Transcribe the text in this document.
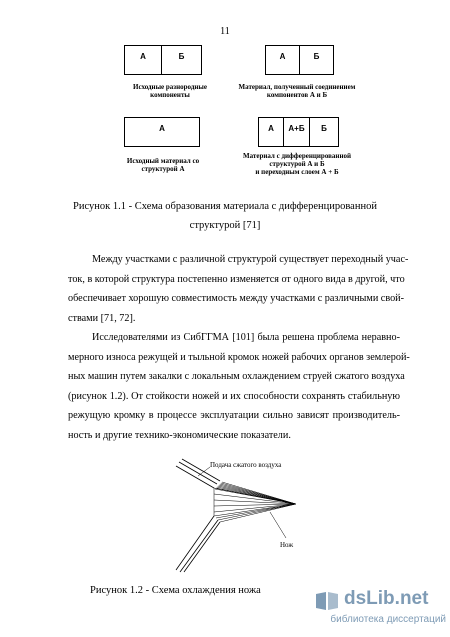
11
А	Б
Исходные разнородные
компоненты
А	Б
Материал, полученный соединением
компонентов А и Б
А
Исходный материал со
структурой А
А	А+Б	Б
Материал с дифференцированной
структурой А и Б
и переходным слоем А + Б
Рисунок 1.1 - Схема образования материала с дифференцированной
структурой [71]
Между участками с различной структурой существует переходный учас-
ток, в которой структура постепенно изменяется от одного вида в другой, что
обеспечивает хорошую совместимость между участками с различными свой-
ствами [71, 72].
Исследователями из СибГГМА [101] была решена проблема неравно-
мерного износа режущей и тыльной кромок ножей рабочих органов землерой-
ных машин путем закалки с локальным охлаждением струей сжатого воздуха
(рисунок 1.2). От стойкости ножей и их способности сохранять стабильную
режущую кромку в процессе эксплуатации сильно зависят производитель-
ность и другие технико-экономические показатели.
Подача сжатого воздуха
Нож
Рисунок 1.2 - Схема охлаждения ножа	dsLib.net
библиотека диссертаций
